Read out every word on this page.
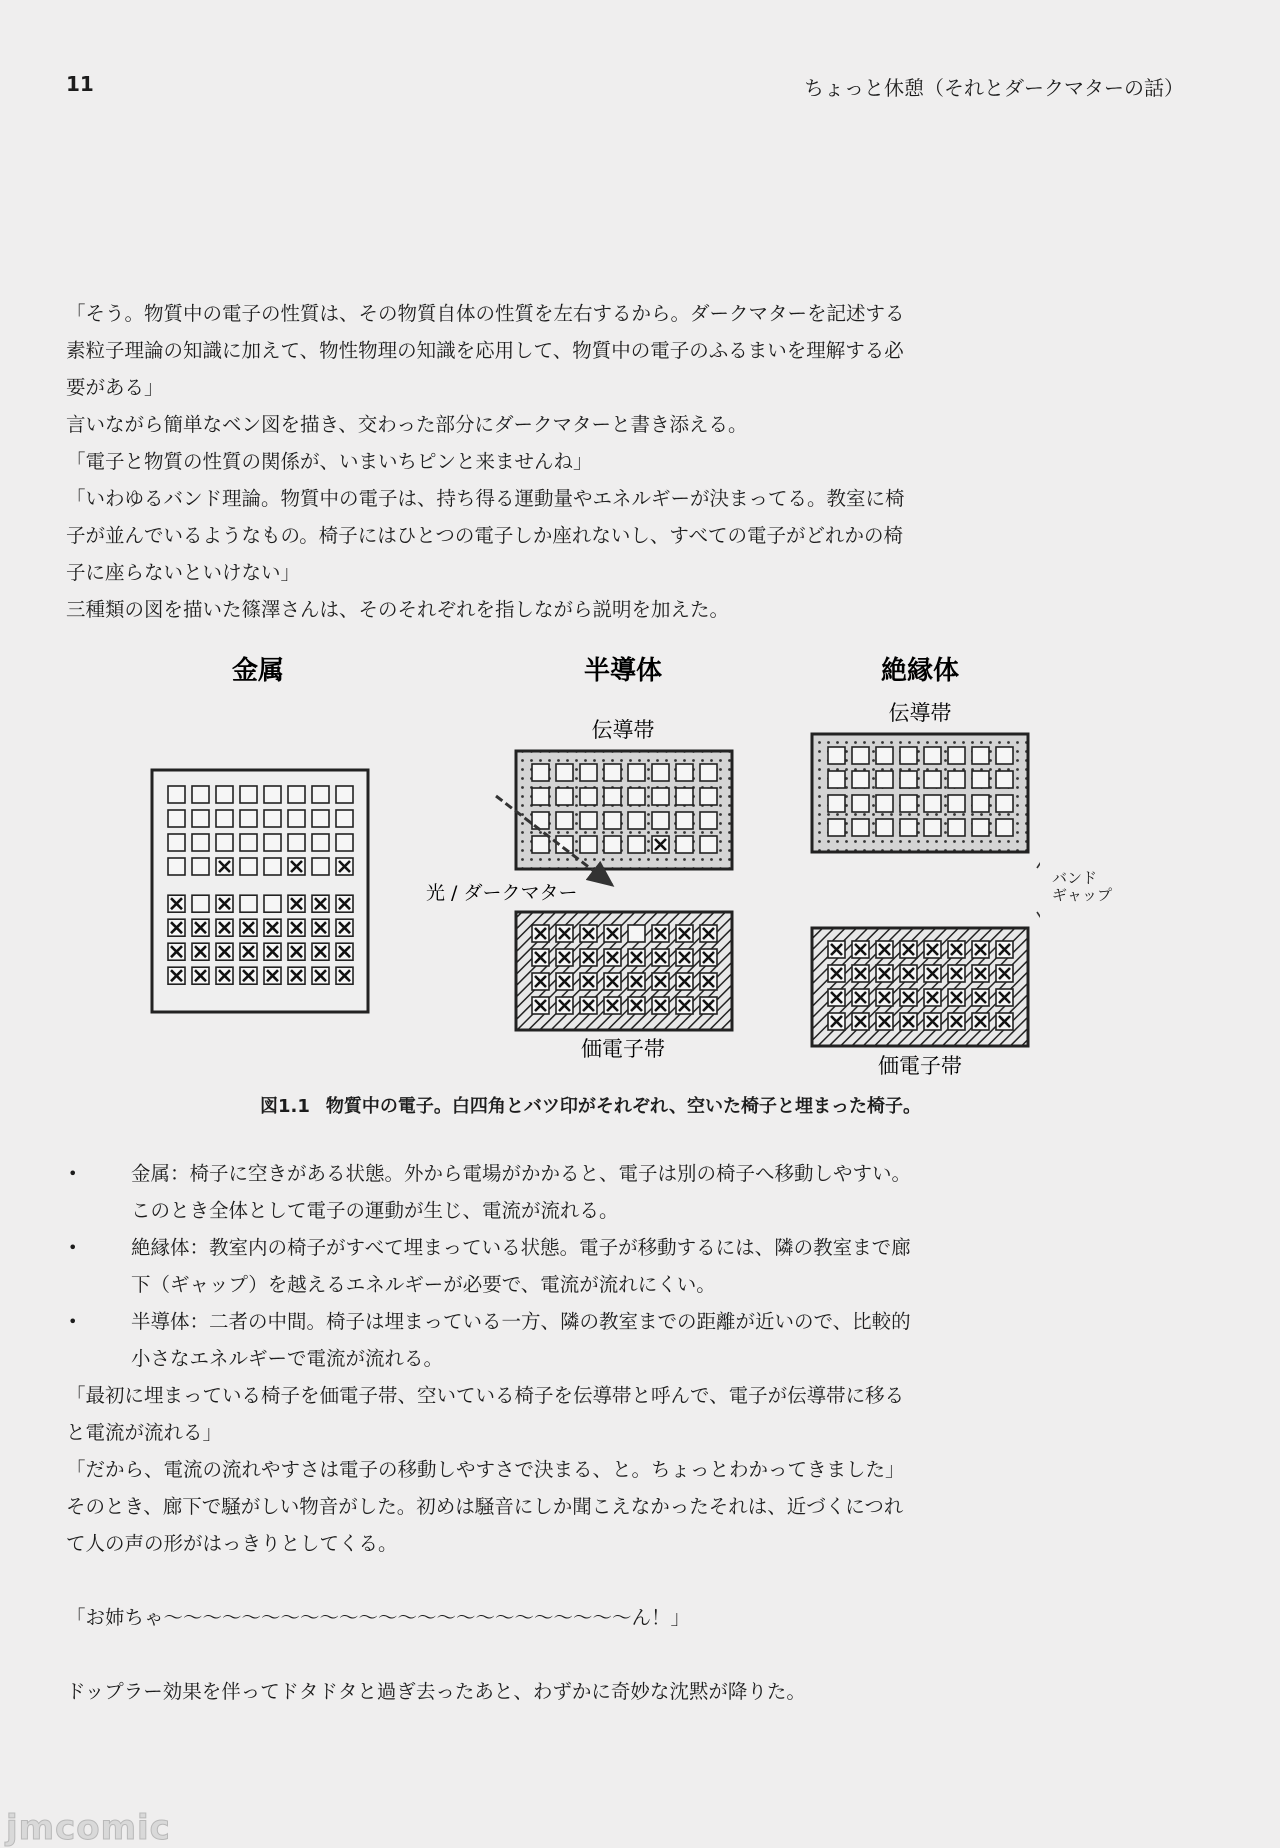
11	ちょっと休憩（それとダークマターの話）

「そう。物質中の電子の性質は、その物質自体の性質を左右するから。ダークマターを記述する

素粒子理論の知識に加えて、物性物理の知識を応用して、物質中の電子のふるまいを理解する必

要がある」

言いながら簡単なベン図を描き、交わった部分にダークマターと書き添える。

「電子と物質の性質の関係が、いまいちピンと来ませんね」

「いわゆるバンド理論。物質中の電子は、持ち得る運動量やエネルギーが決まってる。教室に椅

子が並んでいるようなもの。椅子にはひとつの電子しか座れないし、すべての電子がどれかの椅

子に座らないといけない」

三種類の図を描いた篠澤さんは、そのそれぞれを指しながら説明を加えた。

金属	半導体	絶縁体
伝導帯
価電子帯
光 / ダークマター
伝導帯
価電子帯
バンド
ギャップ
図1.1 物質中の電子。白四角とバツ印がそれぞれ、空いた椅子と埋まった椅子。
•	金属：椅子に空きがある状態。外から電場がかかると、電子は別の椅子へ移動しやすい。

このとき全体として電子の運動が生じ、電流が流れる。

•	絶縁体：教室内の椅子がすべて埋まっている状態。電子が移動するには、隣の教室まで廊

下（ギャップ）を越えるエネルギーが必要で、電流が流れにくい。

•	半導体：二者の中間。椅子は埋まっている一方、隣の教室までの距離が近いので、比較的

小さなエネルギーで電流が流れる。

「最初に埋まっている椅子を価電子帯、空いている椅子を伝導帯と呼んで、電子が伝導帯に移る

と電流が流れる」

「だから、電流の流れやすさは電子の移動しやすさで決まる、と。ちょっとわかってきました」

そのとき、廊下で騒がしい物音がした。初めは騒音にしか聞こえなかったそれは、近づくにつれ

て人の声の形がはっきりとしてくる。

「お姉ちゃ〜〜〜〜〜〜〜〜〜〜〜〜〜〜〜〜〜〜〜〜〜〜〜〜ん！」

ドップラー効果を伴ってドタドタと過ぎ去ったあと、わずかに奇妙な沈黙が降りた。

jmcomic
